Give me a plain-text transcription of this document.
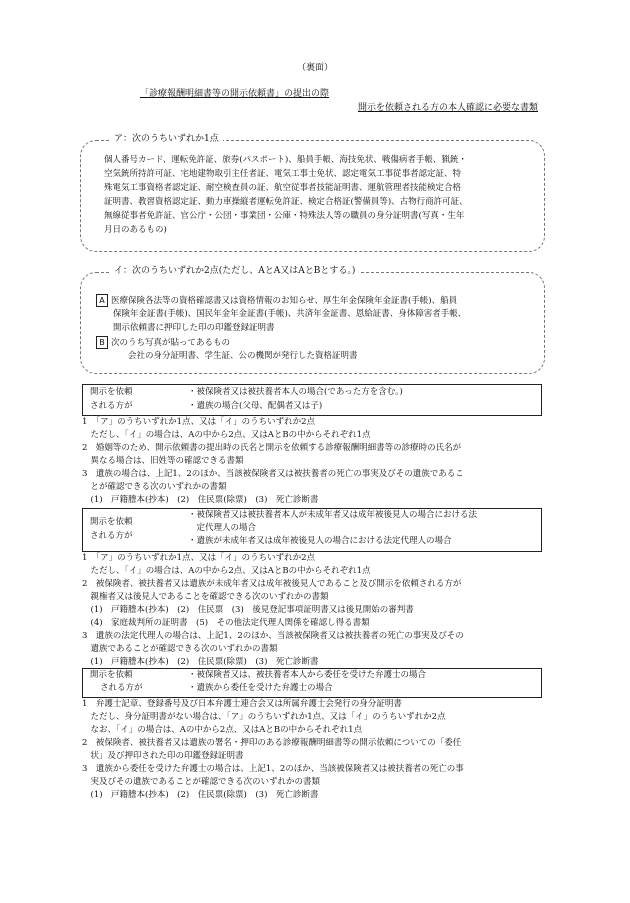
（裏面）
「診療報酬明細書等の開示依頼書」の提出の際
開示を依頼される方の本人確認に必要な書類
ア：次のうちいずれか1点
個人番号カード、運転免許証、旅券(パスポート)、船員手帳、海技免状、戦傷病者手帳、猟銃・
空気銃所持許可証、宅地建物取引主任者証、電気工事士免状、認定電気工事従事者認定証、特
殊電気工事資格者認定証、耐空検査員の証、航空従事者技能証明書、運航管理者技能検定合格
証明書、教習資格認定証、動力車操縦者運転免許証、検定合格証(警備員等)、古物行商許可証、
無線従事者免許証、官公庁・公団・事業団・公庫・特殊法人等の職員の身分証明書(写真・生年
月日のあるもの)
イ：次のうちいずれか2点(ただし、AとA又はAとBとする。)
A 医療保険各法等の資格確認書又は資格情報のお知らせ、厚生年金保険年金証書(手帳)、船員
保険年金証書(手帳)、国民年金年金証書(手帳)、共済年金証書、恩給証書、身体障害者手帳、
開示依頼書に押印した印の印鑑登録証明書
B 次のうち写真が貼ってあるもの
会社の身分証明書、学生証、公の機関が発行した資格証明書
開示を依頼
される方が
・被保険者又は被扶養者本人の場合(であった方を含む。)
・遺族の場合(父母、配偶者又は子)
1　「ア」のうちいずれか1点、又は「イ」のうちいずれか2点
　ただし、「イ」の場合は、Aの中から2点、又はAとBの中からそれぞれ1点
2　婚姻等のため、開示依頼書の提出時の氏名と開示を依頼する診療報酬明細書等の診療時の氏名が
　異なる場合は、旧姓等の確認できる書類
3　遺族の場合は、上記1、2のほか、当該被保険者又は被扶養者の死亡の事実及びその遺族であるこ
　とが確認できる次のいずれかの書類
　(1)　戸籍謄本(抄本)　(2)　住民票(除票)　(3)　死亡診断書
開示を依頼
される方が
・被保険者又は被扶養者本人が未成年者又は成年被後見人の場合における法
　定代理人の場合
・遺族が未成年者又は成年被後見人の場合における法定代理人の場合
1　「ア」のうちいずれか1点、又は「イ」のうちいずれか2点
　ただし、「イ」の場合は、Aの中から2点、又はAとBの中からそれぞれ1点
2　被保険者、被扶養者又は遺族が未成年者又は成年被後見人であること及び開示を依頼される方が
　親権者又は後見人であることを確認できる次のいずれかの書類
　(1)　戸籍謄本(抄本)　(2)　住民票　(3)　後見登記事項証明書又は後見開始の審判書
　(4)　家庭裁判所の証明書　(5)　その他法定代理人関係を確認し得る書類
3　遺族の法定代理人の場合は、上記1、2のほか、当該被保険者又は被扶養者の死亡の事実及びその
　遺族であることが確認できる次のいずれかの書類
　(1)　戸籍謄本(抄本)　(2)　住民票(除票)　(3)　死亡診断書
開示を依頼
される方が
・被保険者又は、被扶養者本人から委任を受けた弁護士の場合
・遺族から委任を受けた弁護士の場合
1　弁護士記章、登録番号及び日本弁護士連合会又は所属弁護士会発行の身分証明書
　ただし、身分証明書がない場合は、「ア」のうちいずれか1点、又は「イ」のうちいずれか2点
　なお、「イ」の場合は、Aの中から2点、又はAとBの中からそれぞれ1点
2　被保険者、被扶養者又は遺族の署名・押印のある診療報酬明細書等の開示依頼についての「委任
　状」及び押印された印の印鑑登録証明書
3　遺族から委任を受けた弁護士の場合は、上記1、2のほか、当該被保険者又は被扶養者の死亡の事
　実及びその遺族であることが確認できる次のいずれかの書類
　(1)　戸籍謄本(抄本)　(2)　住民票(除票)　(3)　死亡診断書
